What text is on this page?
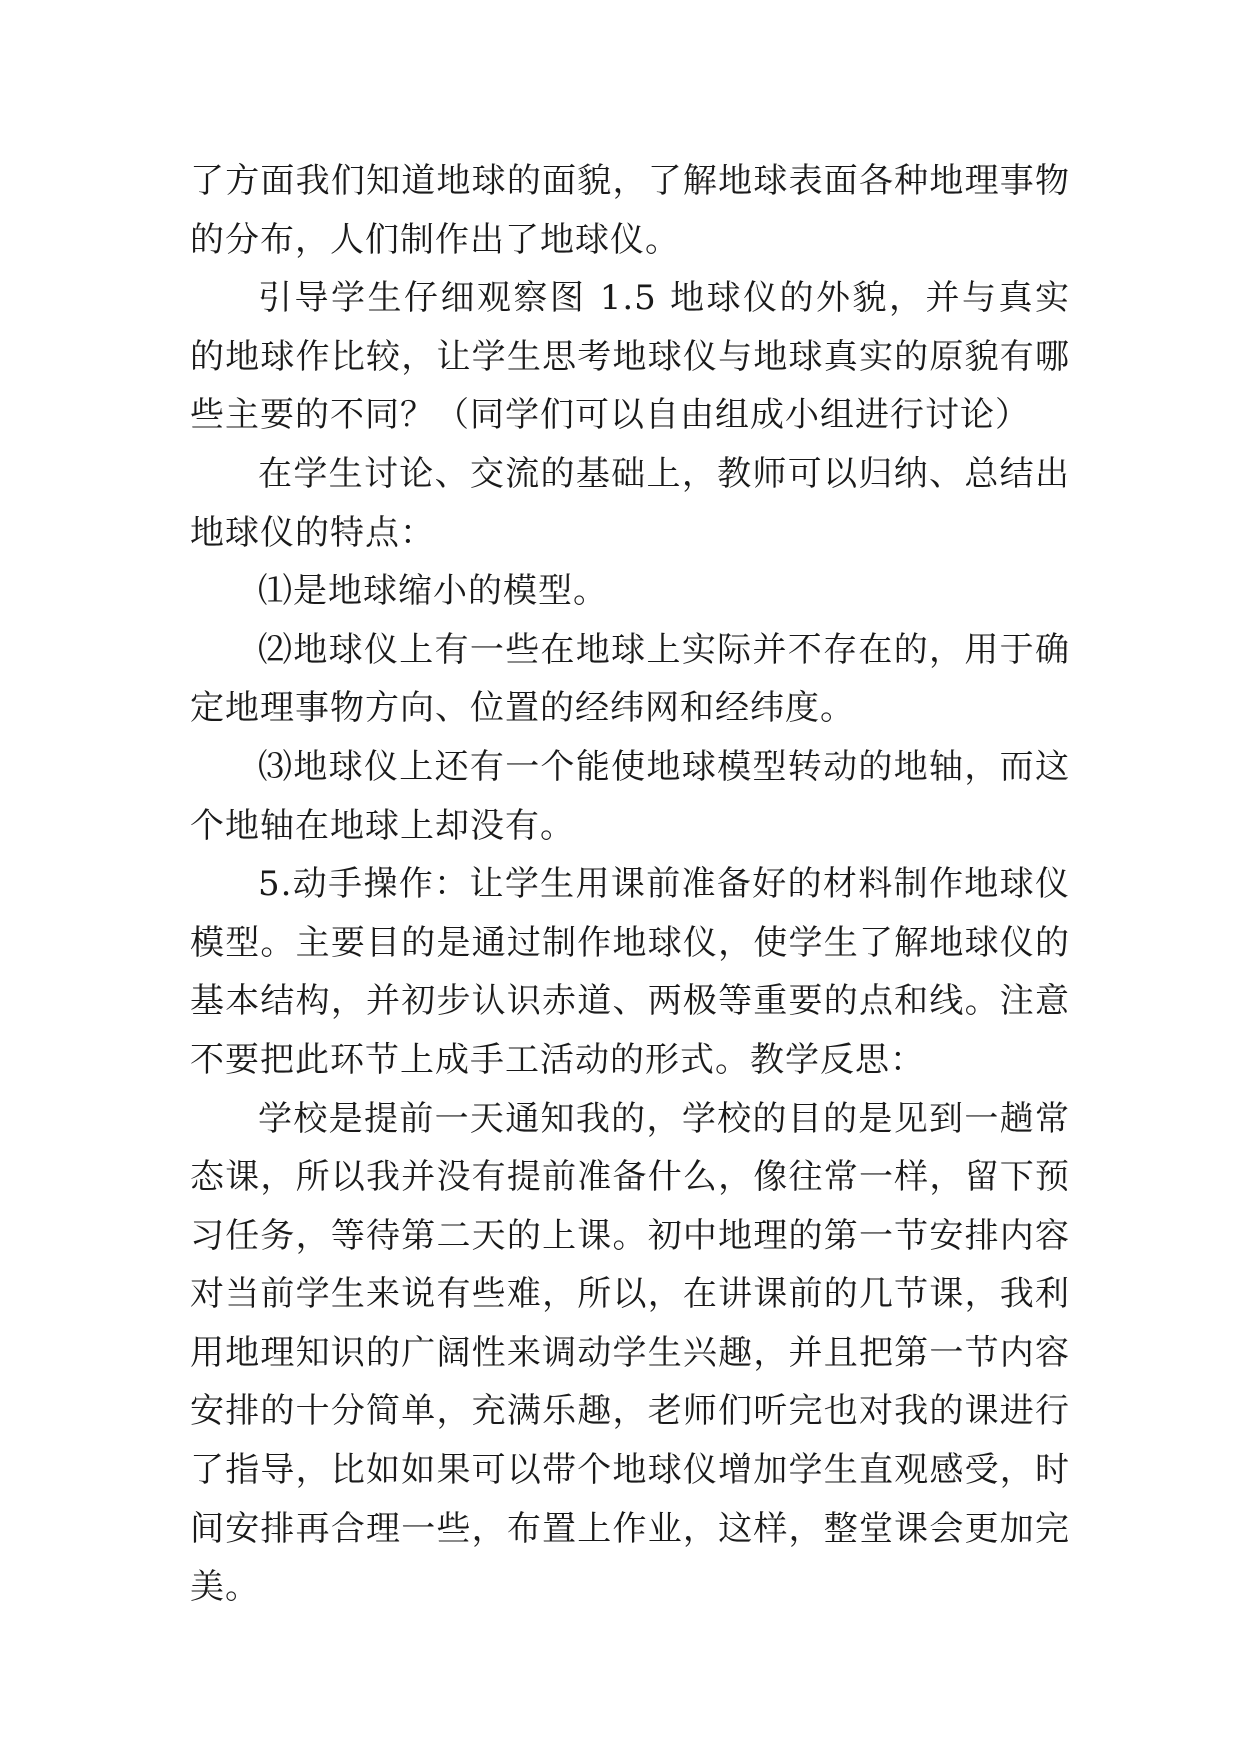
了方面我们知道地球的面貌，了解地球表面各种地理事物的分布，人们制作出了地球仪。

引导学生仔细观察图 1.5 地球仪的外貌，并与真实的地球作比较，让学生思考地球仪与地球真实的原貌有哪些主要的不同？（同学们可以自由组成小组进行讨论）

在学生讨论、交流的基础上，教师可以归纳、总结出地球仪的特点：

⑴是地球缩小的模型。

⑵地球仪上有一些在地球上实际并不存在的，用于确定地理事物方向、位置的经纬网和经纬度。

⑶地球仪上还有一个能使地球模型转动的地轴，而这个地轴在地球上却没有。

5.动手操作：让学生用课前准备好的材料制作地球仪模型。主要目的是通过制作地球仪，使学生了解地球仪的基本结构，并初步认识赤道、两极等重要的点和线。注意不要把此环节上成手工活动的形式。教学反思：

学校是提前一天通知我的，学校的目的是见到一趟常态课，所以我并没有提前准备什么，像往常一样，留下预习任务，等待第二天的上课。初中地理的第一节安排内容对当前学生来说有些难，所以，在讲课前的几节课，我利用地理知识的广阔性来调动学生兴趣，并且把第一节内容安排的十分简单，充满乐趣，老师们听完也对我的课进行了指导，比如如果可以带个地球仪增加学生直观感受，时间安排再合理一些，布置上作业，这样，整堂课会更加完美。
